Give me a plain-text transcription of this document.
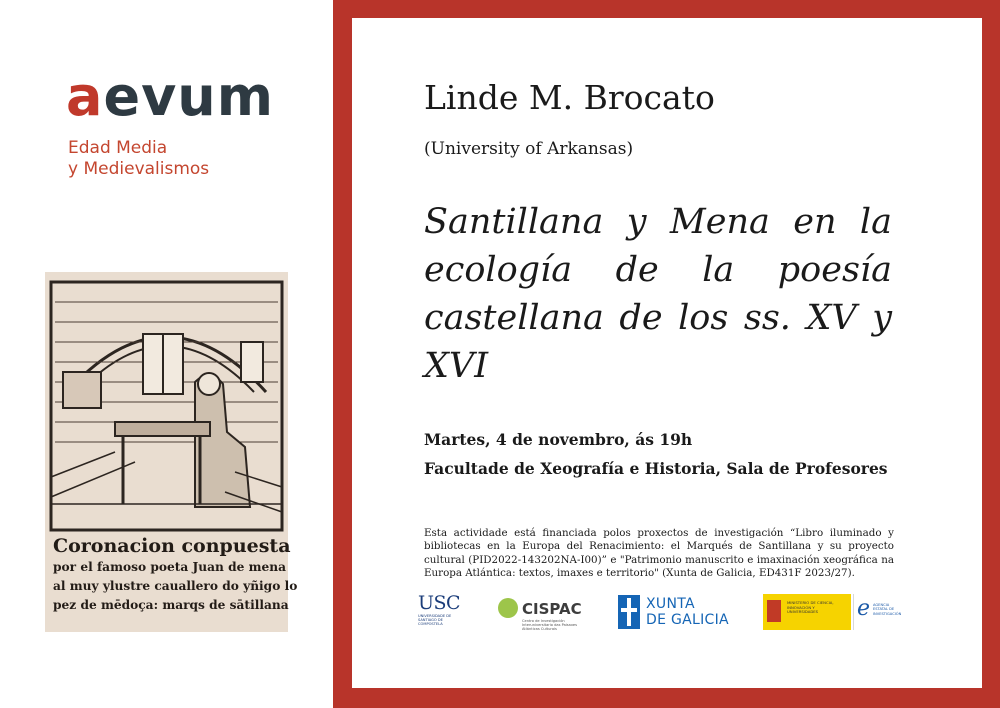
aevum
Edad Media
y Medievalismos
Coronacion conpuesta
por el famoso poeta Juan de mena
al muy ylustre cauallero do yñigo lo
pez de mēdoça: marqs de sātillana
Linde M. Brocato
(University of Arkansas)
Santillana y Mena en la ecología de la poesía castellana de los ss. XV y XVI
Martes, 4 de novembro, ás 19h
Facultade de Xeografía e Historia, Sala de Profesores
Esta actividade está financiada polos proxectos de investigación “Libro iluminado y bibliotecas en la Europa del Renacimiento: el Marqués de Santillana y su proyecto cultural (PID2022-143202NA-I00)” e "Patrimonio manuscrito e imaxinación xeográfica na Europa Atlántica: textos, imaxes e territorio" (Xunta de Galicia, ED431F 2023/27).
USC
UNIVERSIDADE DE SANTIAGO DE COMPOSTELA
CISPAC
Centro de Investigación Interuniversitario das Paisaxes Atlánticas Culturais
XUNTA
DE GALICIA
MINISTERIO DE CIENCIA, INNOVACIÓN Y UNIVERSIDADES	e AGENCIA ESTATAL DE INVESTIGACIÓN
